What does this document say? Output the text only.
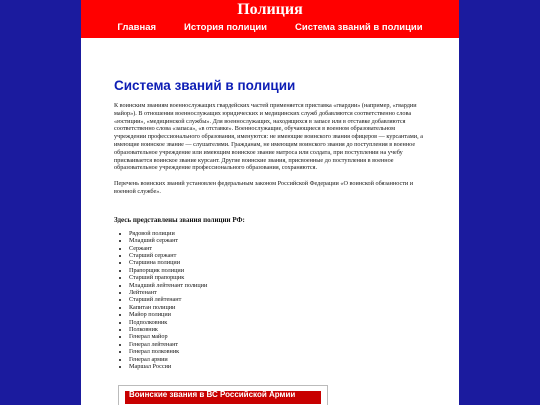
Полиция
Главная	История полиции	Система званий в полиции
Система званий в полиции

К воинским званиям военнослужащих гвардейских частей применяется приставка «гвардии» (например, «гвардии майор»). В отношении военнослужащих юридических и медицинских служб добавляются соответственно слова «юстиции», «медицинской службы». Для военнослужащих, находящихся в запасе или в отставке добавляются соответственно слова «запаса», «в отставке». Военнослужащие, обучающиеся в военном образовательном учреждении профессионального образования, именуются: не имеющие воинского звания офицеров — курсантами, а имеющие воинское звание — слушателями. Гражданам, не имеющим воинского звания до поступления в военное образовательное учреждение или имеющим воинское звание матроса или солдата, при поступлении на учебу присваивается воинское звание курсант. Другие воинские звания, присвоенные до поступления в военное образовательное учреждение профессионального образования, сохраняются.

Перечень воинских званий установлен федеральным законом Российской Федерации «О воинской обязанности и военной службе».

Здесь представлены звания полиции РФ:
• Рядовой полиции
• Младший сержант
• Сержант
• Старший сержант
• Старшина полиции
• Прапорщик полиции
• Старший прапорщик
• Младший лейтенант полиции
• Лейтенант
• Старший лейтенант
• Капитан полиции
• Майор полиции
• Подполковник
• Полковник
• Генерал майор
• Генерал лейтенант
• Генерал полковник
• Генерал армии
• Маршал России
Воинские звания в ВС Российской Армии
